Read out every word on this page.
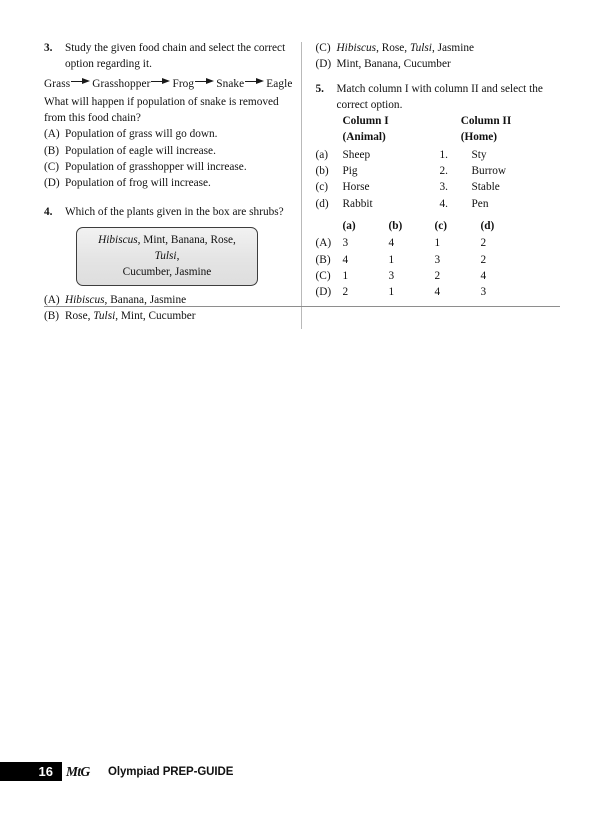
3. Study the given food chain and select the correct option regarding it.
Grass Grasshopper Frog Snake Eagle
What will happen if population of snake is removed from this food chain?
(A) Population of grass will go down.
(B) Population of eagle will increase.
(C) Population of grasshopper will increase.
(D) Population of frog will increase.
4. Which of the plants given in the box are shrubs?
Hibiscus, Mint, Banana, Rose, Tulsi,
Cucumber, Jasmine
(A) Hibiscus, Banana, Jasmine
(B) Rose, Tulsi, Mint, Cucumber
(C) Hibiscus, Rose, Tulsi, Jasmine
(D) Mint, Banana, Cucumber
5. Match column I with column II and select the correct option.
Column I	Column II
(Animal)	(Home)
(a)	Sheep	1.	Sty
(b)	Pig	2.	Burrow
(c)	Horse	3.	Stable
(d)	Rabbit	4.	Pen
(a)	(b)	(c)	(d)
(A)	3	4	1	2
(B)	4	1	3	2
(C)	1	3	2	4
(D)	2	1	4	3
16 MtG Olympiad PREP-GUIDE
